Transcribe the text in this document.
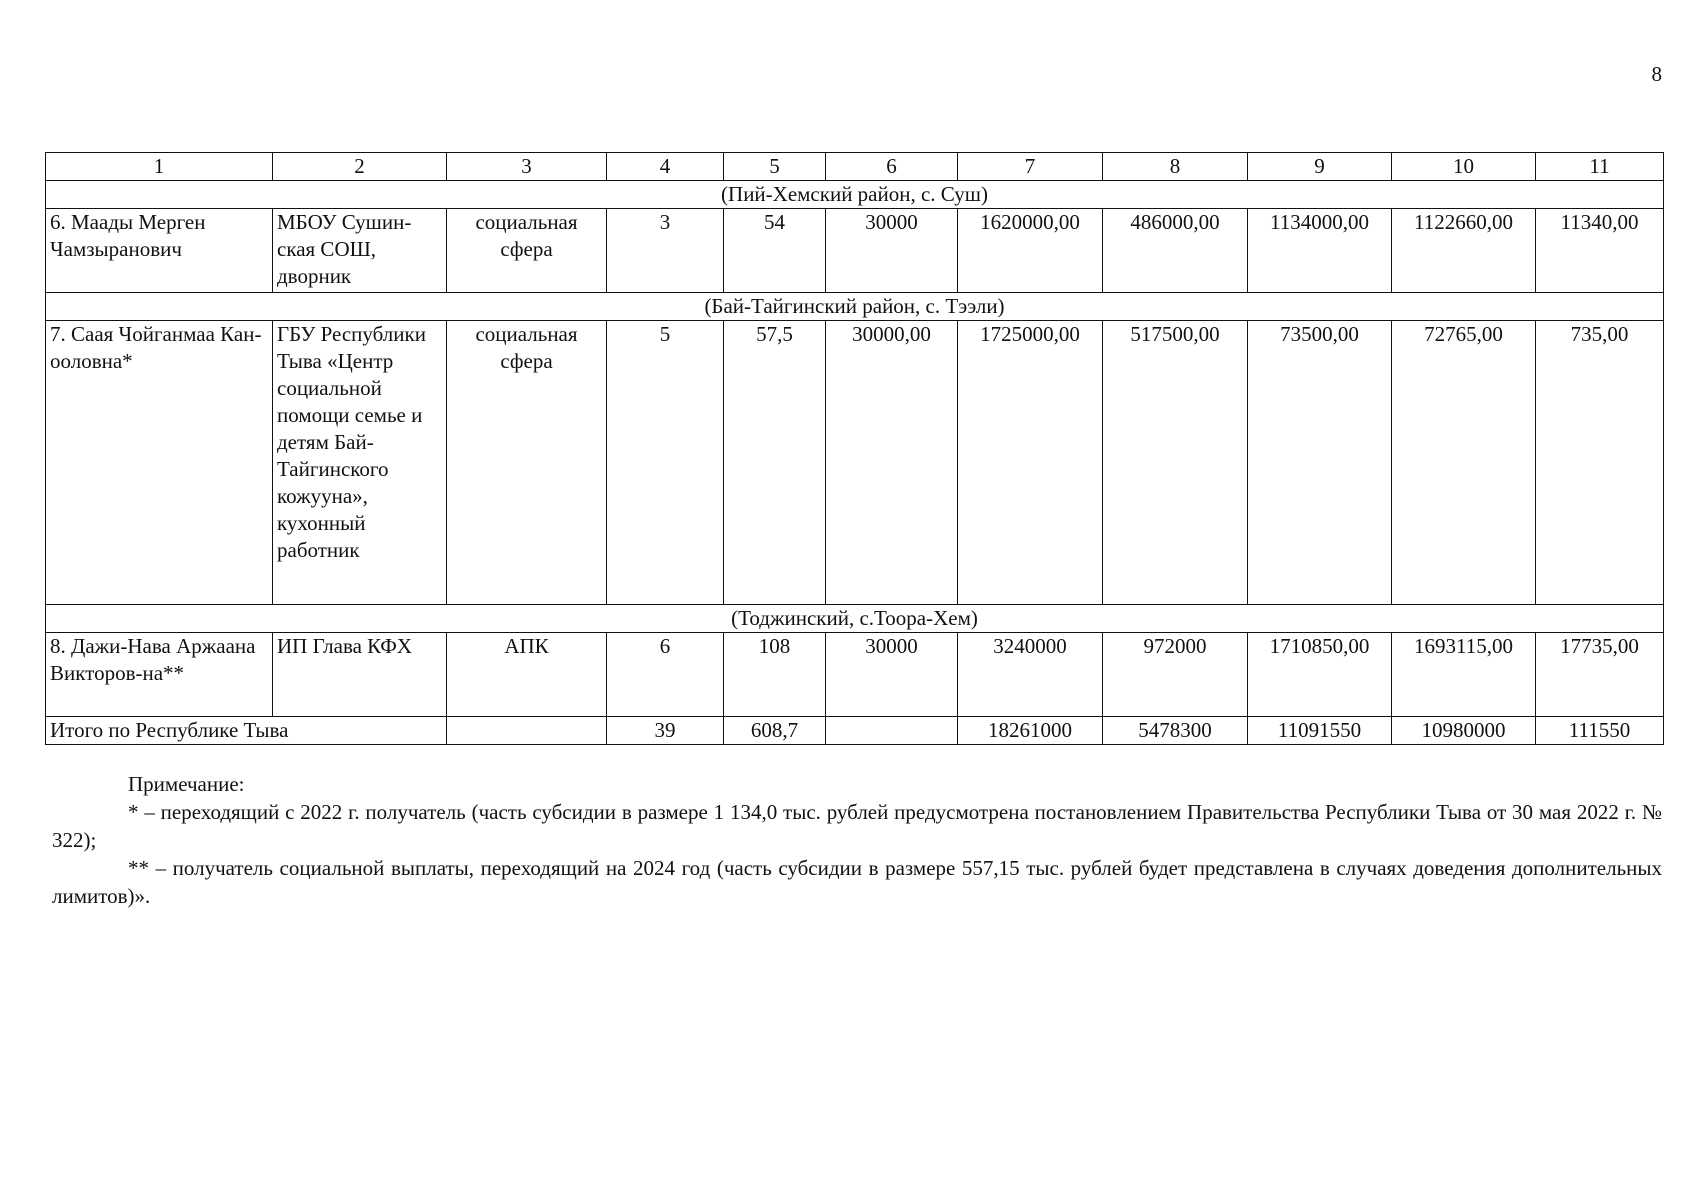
8
1	2	3	4	5	6	7	8	9	10	11
(Пий-Хемский район, с. Суш)										
6. Маады Мерген Чамзыранович	МБОУ Сушин-ская СОШ, дворник	социальная сфера	3	54	30000	1620000,00	486000,00	1134000,00	1122660,00	11340,00
(Бай-Тайгинский район, с. Тээли)										
7. Саая Чойганмаа Кан-ооловна*	ГБУ Республики Тыва «Центр социальной помощи семье и детям Бай-Тайгинского кожууна», кухонный работник	социальная сфера	5	57,5	30000,00	1725000,00	517500,00	73500,00	72765,00	735,00
(Тоджинский, с.Тоора-Хем)										
8. Дажи-Нава Аржаана Викторов-на**	ИП Глава КФХ	АПК	6	108	30000	3240000	972000	1710850,00	1693115,00	17735,00
Итого по Республике Тыва			39	608,7		18261000	5478300	11091550	10980000	111550

Примечание:

* – переходящий с 2022 г. получатель (часть субсидии в размере 1 134,0 тыс. рублей предусмотрена постановлением Правительства Республики Тыва от 30 мая 2022 г. № 322);

** – получатель социальной выплаты, переходящий на 2024 год (часть субсидии в размере 557,15 тыс. рублей будет представлена в случаях доведения дополнительных лимитов)».
